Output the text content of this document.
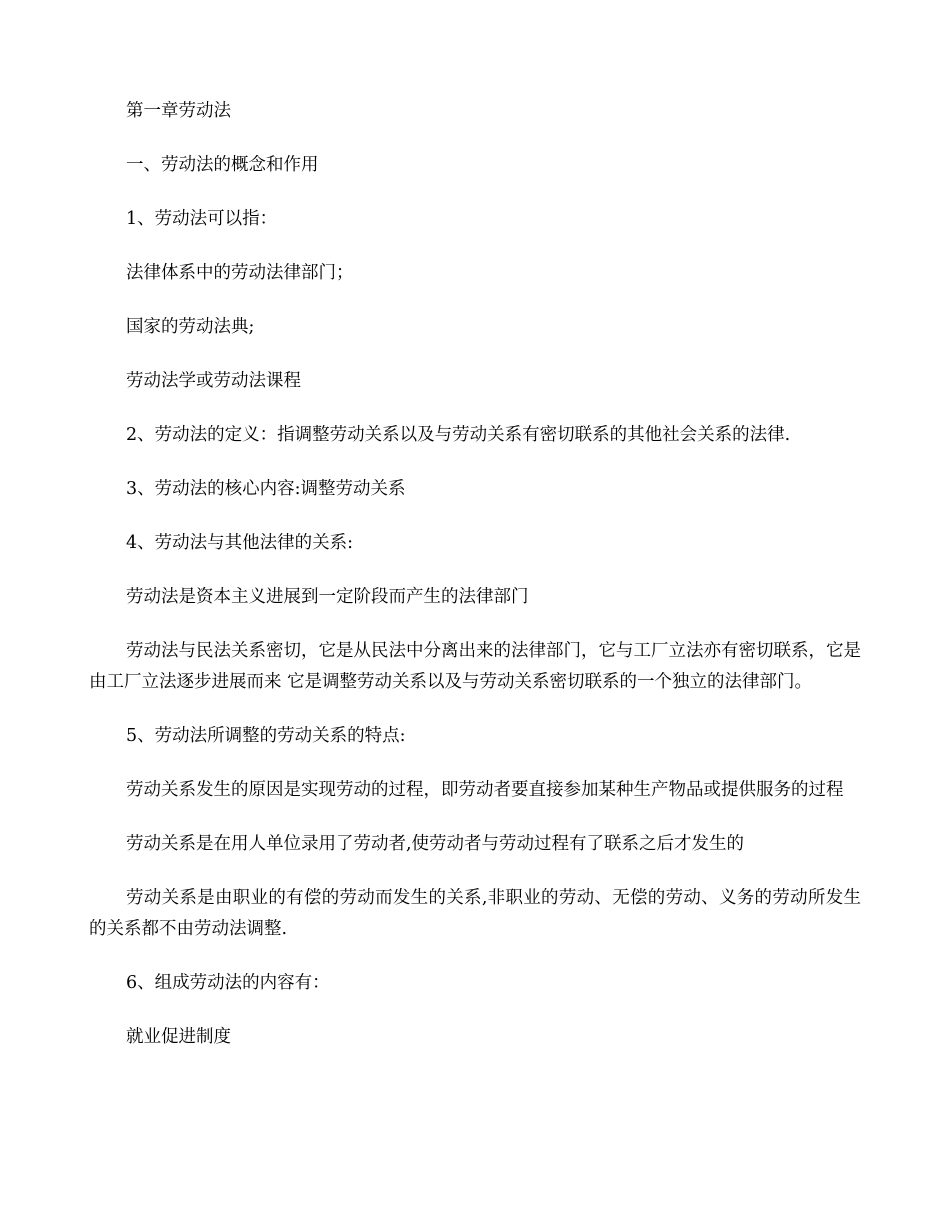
第一章劳动法

一、劳动法的概念和作用

1、劳动法可以指：

法律体系中的劳动法律部门；

国家的劳动法典;

劳动法学或劳动法课程

2、劳动法的定义：指调整劳动关系以及与劳动关系有密切联系的其他社会关系的法律.

3、劳动法的核心内容:调整劳动关系

4、劳动法与其他法律的关系:

劳动法是资本主义进展到一定阶段而产生的法律部门

劳动法与民法关系密切，它是从民法中分离出来的法律部门，它与工厂立法亦有密切联系，它是由工厂立法逐步进展而来 它是调整劳动关系以及与劳动关系密切联系的一个独立的法律部门。

5、劳动法所调整的劳动关系的特点:

劳动关系发生的原因是实现劳动的过程，即劳动者要直接参加某种生产物品或提供服务的过程

劳动关系是在用人单位录用了劳动者,使劳动者与劳动过程有了联系之后才发生的

劳动关系是由职业的有偿的劳动而发生的关系,非职业的劳动、无偿的劳动、义务的劳动所发生的关系都不由劳动法调整.

6、组成劳动法的内容有：

就业促进制度
